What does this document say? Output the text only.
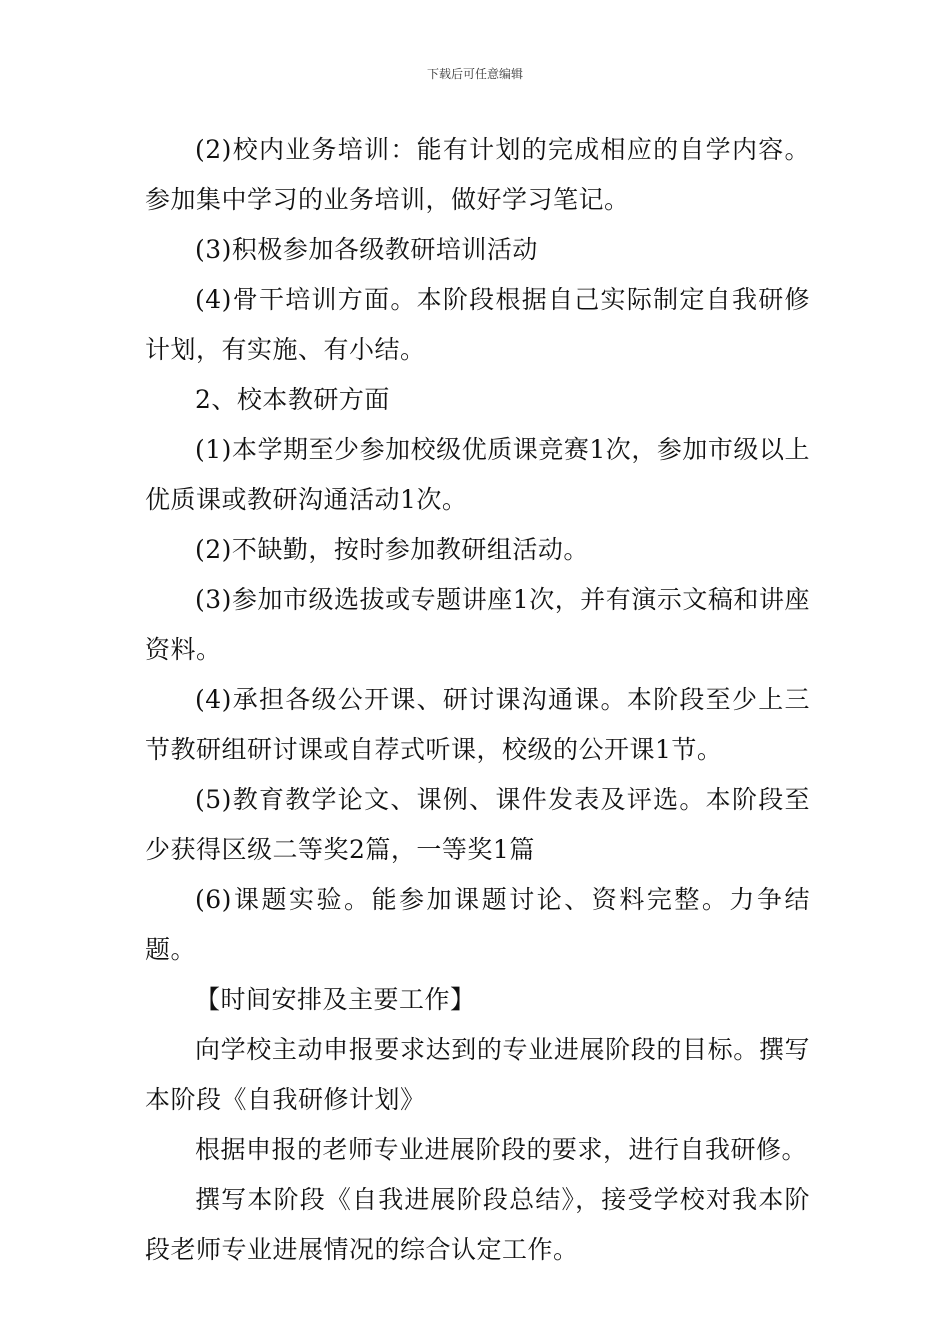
下载后可任意编辑

(2)校内业务培训：能有计划的完成相应的自学内容。参加集中学习的业务培训，做好学习笔记。

(3)积极参加各级教研培训活动

(4)骨干培训方面。本阶段根据自己实际制定自我研修计划，有实施、有小结。

2、校本教研方面

(1)本学期至少参加校级优质课竞赛1次，参加市级以上优质课或教研沟通活动1次。

(2)不缺勤，按时参加教研组活动。

(3)参加市级选拔或专题讲座1次，并有演示文稿和讲座资料。

(4)承担各级公开课、研讨课沟通课。本阶段至少上三节教研组研讨课或自荐式听课，校级的公开课1节。

(5)教育教学论文、课例、课件发表及评选。本阶段至少获得区级二等奖2篇，一等奖1篇

(6)课题实验。能参加课题讨论、资料完整。力争结题。

【时间安排及主要工作】

向学校主动申报要求达到的专业进展阶段的目标。撰写本阶段《自我研修计划》

根据申报的老师专业进展阶段的要求，进行自我研修。

撰写本阶段《自我进展阶段总结》，接受学校对我本阶段老师专业进展情况的综合认定工作。
